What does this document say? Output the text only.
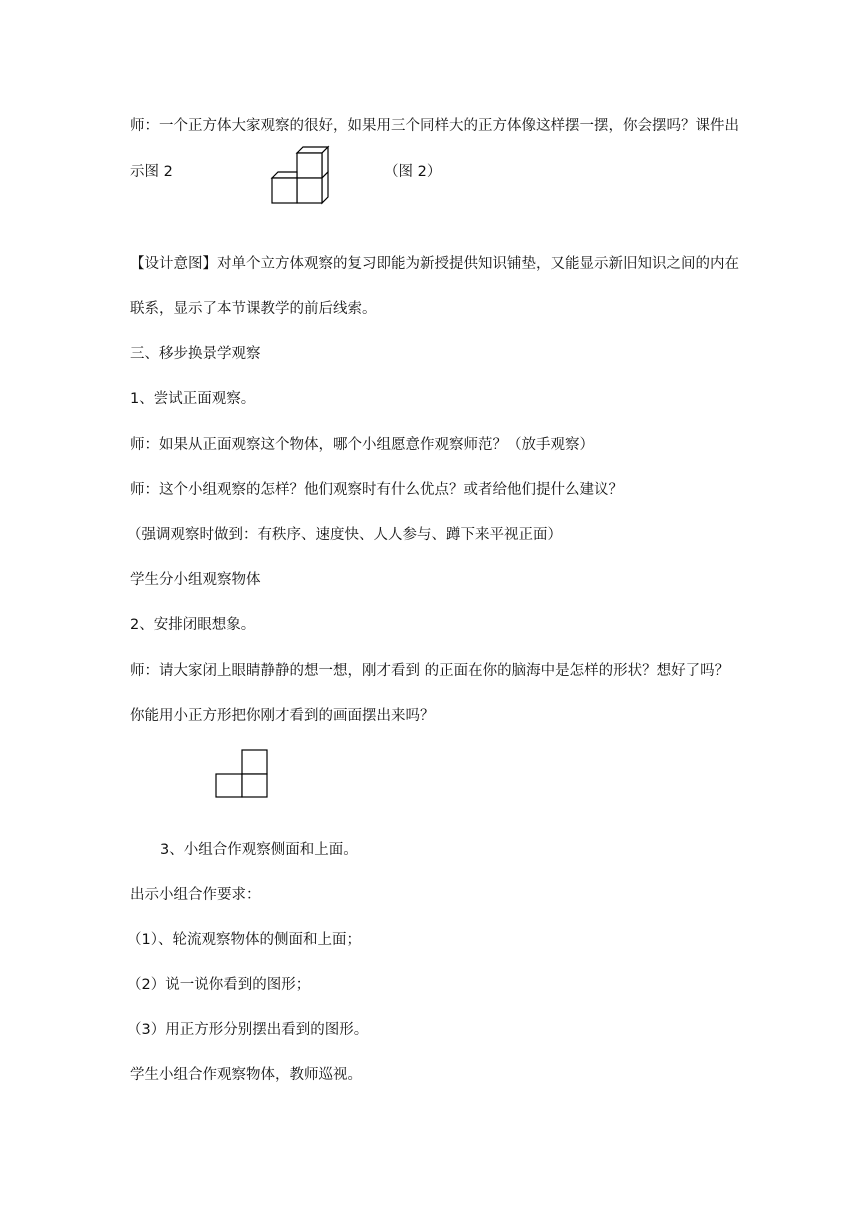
师：一个正方体大家观察的很好，如果用三个同样大的正方体像这样摆一摆，你会摆吗？课件出
示图 2	（图 2）
【设计意图】对单个立方体观察的复习即能为新授提供知识铺垫，又能显示新旧知识之间的内在
联系，显示了本节课教学的前后线索。
三、移步换景学观察
1、尝试正面观察。
师：如果从正面观察这个物体，哪个小组愿意作观察师范？（放手观察）
师：这个小组观察的怎样？他们观察时有什么优点？或者给他们提什么建议？
（强调观察时做到：有秩序、速度快、人人参与、蹲下来平视正面）
学生分小组观察物体
2、安排闭眼想象。
师：请大家闭上眼睛静静的想一想，刚才看到 的正面在你的脑海中是怎样的形状？想好了吗？
你能用小正方形把你刚才看到的画面摆出来吗？
3、小组合作观察侧面和上面。
出示小组合作要求：
（1）、轮流观察物体的侧面和上面；
（2）说一说你看到的图形；
（3）用正方形分别摆出看到的图形。
学生小组合作观察物体，教师巡视。
